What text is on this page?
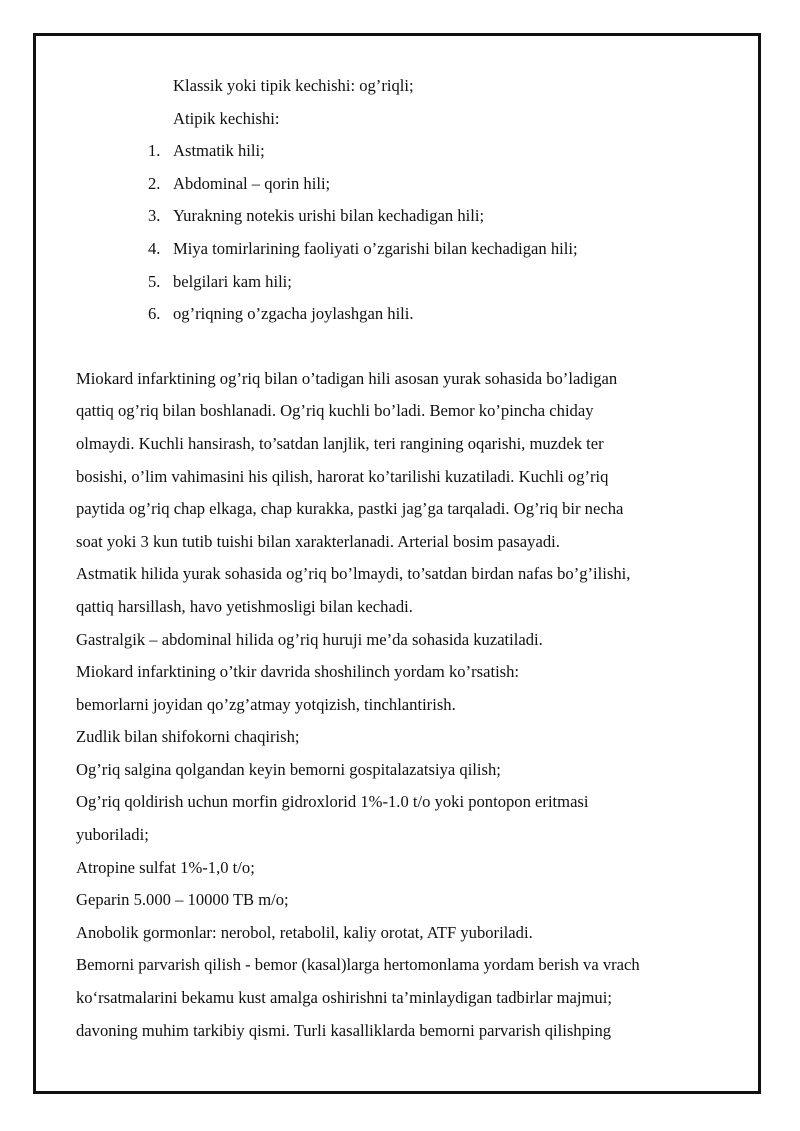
Klassik yoki tipik kechishi: og’riqli;
Atipik kechishi:
1. Astmatik hili;
2. Abdominal – qorin hili;
3. Yurakning notekis urishi bilan kechadigan hili;
4. Miya tomirlarining faoliyati o’zgarishi bilan kechadigan hili;
5. belgilari kam hili;
6. og’riqning o’zgacha joylashgan hili.

Miokard infarktining og’riq bilan o’tadigan hili asosan yurak sohasida bo’ladigan

qattiq og’riq bilan boshlanadi. Og’riq kuchli bo’ladi. Bemor ko’pincha chiday

olmaydi. Kuchli hansirash, to’satdan lanjlik, teri rangining oqarishi, muzdek ter

bosishi, o’lim vahimasini his qilish, harorat ko’tarilishi kuzatiladi. Kuchli og’riq

paytida og’riq chap elkaga, chap kurakka, pastki jag’ga tarqaladi. Og’riq bir necha

soat yoki 3 kun tutib tuishi bilan xarakterlanadi. Arterial bosim pasayadi.

Astmatik hilida yurak sohasida og’riq bo’lmaydi, to’satdan birdan nafas bo’g’ilishi,

qattiq harsillash, havo yetishmosligi bilan kechadi.

Gastralgik – abdominal hilida og’riq huruji me’da sohasida kuzatiladi.

Miokard infarktining o’tkir davrida shoshilinch yordam ko’rsatish:

bemorlarni joyidan qo’zg’atmay yotqizish, tinchlantirish.

Zudlik bilan shifokorni chaqirish;

Og’riq salgina qolgandan keyin bemorni gospitalazatsiya qilish;

Og’riq qoldirish uchun morfin gidroxlorid 1%-1.0 t/o yoki pontopon eritmasi

yuboriladi;

Atropine sulfat 1%-1,0 t/o;

Geparin 5.000 – 10000 TB m/o;

Anobolik gormonlar: nerobol, retabolil, kaliy orotat, ATF yuboriladi.

Bemorni parvarish qilish - bemor (kasal)larga hertomonlama yordam berish va vrach

ko‘rsatmalarini bekamu kust amalga oshirishni ta’minlaydigan tadbirlar majmui;

davoning muhim tarkibiy qismi. Turli kasalliklarda bemorni parvarish qilishping
